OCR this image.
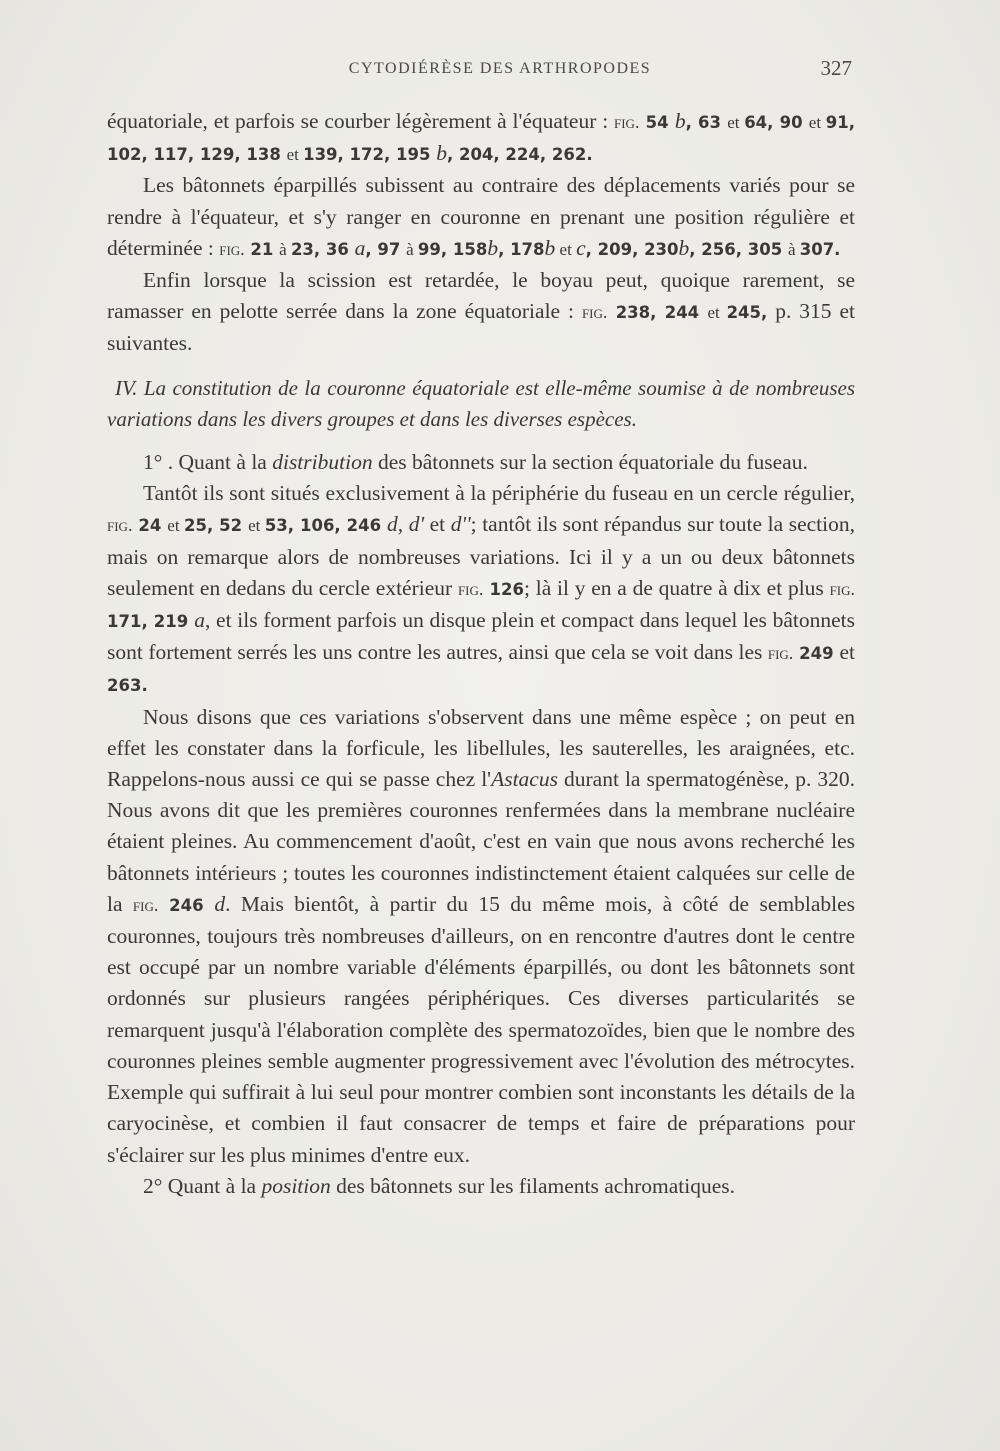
CYTODIÉRÈSE DES ARTHROPODES	327

équatoriale, et parfois se courber légèrement à l'équateur : fig. 54 b, 63 et 64, 90 et 91, 102, 117, 129, 138 et 139, 172, 195 b, 204, 224, 262.

Les bâtonnets éparpillés subissent au contraire des déplacements variés pour se rendre à l'équateur, et s'y ranger en couronne en prenant une position régulière et déterminée : fig. 21 à 23, 36 a, 97 à 99, 158b, 178b et c, 209, 230b, 256, 305 à 307.

Enfin lorsque la scission est retardée, le boyau peut, quoique rarement, se ramasser en pelotte serrée dans la zone équatoriale : fig. 238, 244 et 245, p. 315 et suivantes.

IV. La constitution de la couronne équatoriale est elle-même soumise à de nombreuses variations dans les divers groupes et dans les diverses espèces.

1° . Quant à la distribution des bâtonnets sur la section équatoriale du fuseau.

Tantôt ils sont situés exclusivement à la périphérie du fuseau en un cercle régulier, fig. 24 et 25, 52 et 53, 106, 246 d, d' et d''; tantôt ils sont répandus sur toute la section, mais on remarque alors de nombreuses variations. Ici il y a un ou deux bâtonnets seulement en dedans du cercle extérieur fig. 126; là il y en a de quatre à dix et plus fig. 171, 219 a, et ils forment parfois un disque plein et compact dans lequel les bâtonnets sont fortement serrés les uns contre les autres, ainsi que cela se voit dans les fig. 249 et 263.

Nous disons que ces variations s'observent dans une même espèce ; on peut en effet les constater dans la forficule, les libellules, les sauterelles, les araignées, etc. Rappelons-nous aussi ce qui se passe chez l'Astacus durant la spermatogénèse, p. 320. Nous avons dit que les premières couronnes renfermées dans la membrane nucléaire étaient pleines. Au commencement d'août, c'est en vain que nous avons recherché les bâtonnets intérieurs ; toutes les couronnes indistinctement étaient calquées sur celle de la fig. 246 d. Mais bientôt, à partir du 15 du même mois, à côté de semblables couronnes, toujours très nombreuses d'ailleurs, on en rencontre d'autres dont le centre est occupé par un nombre variable d'éléments éparpillés, ou dont les bâtonnets sont ordonnés sur plusieurs rangées périphériques. Ces diverses particularités se remarquent jusqu'à l'élaboration complète des spermatozoïdes, bien que le nombre des couronnes pleines semble augmenter progressivement avec l'évolution des métrocytes. Exemple qui suffirait à lui seul pour montrer combien sont inconstants les détails de la caryocinèse, et combien il faut consacrer de temps et faire de préparations pour s'éclairer sur les plus minimes d'entre eux.

2° Quant à la position des bâtonnets sur les filaments achromatiques.
